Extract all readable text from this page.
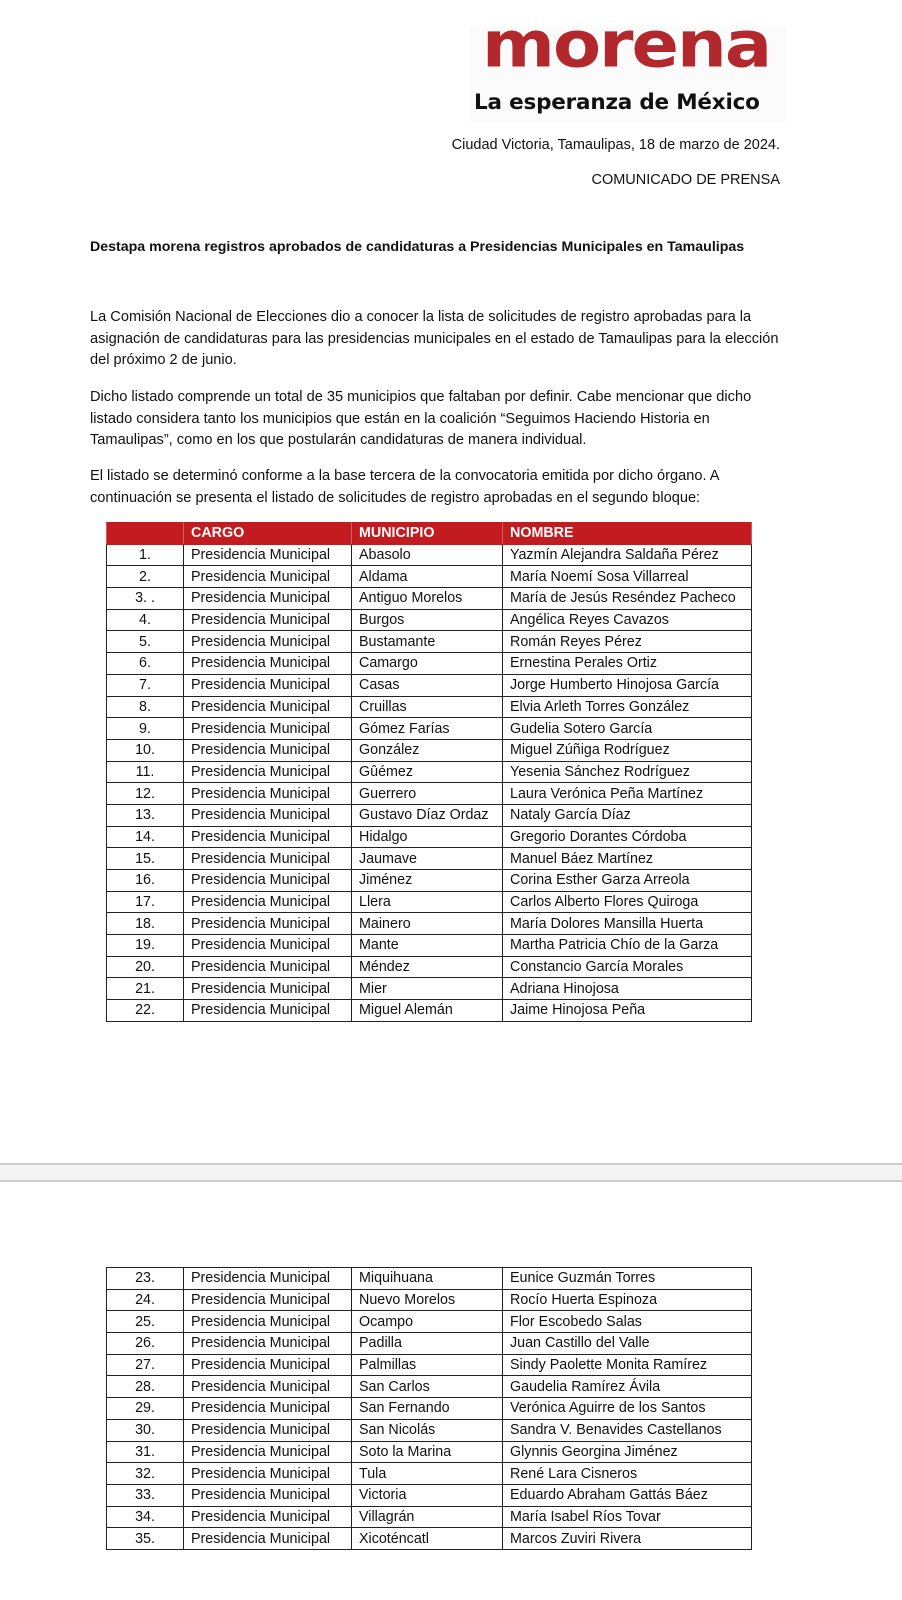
morena
La esperanza de México
Ciudad Victoria, Tamaulipas, 18 de marzo de 2024.
COMUNICADO DE PRENSA
Destapa morena registros aprobados de candidaturas a Presidencias Municipales en Tamaulipas

La Comisión Nacional de Elecciones dio a conocer la lista de solicitudes de registro aprobadas para la asignación de candidaturas para las presidencias municipales en el estado de Tamaulipas para la elección del próximo 2 de junio.

Dicho listado comprende un total de 35 municipios que faltaban por definir. Cabe mencionar que dicho listado considera tanto los municipios que están en la coalición “Seguimos Haciendo Historia en Tamaulipas”, como en los que postularán candidaturas de manera individual.

El listado se determinó conforme a la base tercera de la convocatoria emitida por dicho órgano. A continuación se presenta el listado de solicitudes de registro aprobadas en el segundo bloque:

	CARGO	MUNICIPIO	NOMBRE
1.	Presidencia Municipal	Abasolo	Yazmín Alejandra Saldaña Pérez
2.	Presidencia Municipal	Aldama	María Noemí Sosa Villarreal
3. .	Presidencia Municipal	Antiguo Morelos	María de Jesús Reséndez Pacheco
4.	Presidencia Municipal	Burgos	Angélica Reyes Cavazos
5.	Presidencia Municipal	Bustamante	Román Reyes Pérez
6.	Presidencia Municipal	Camargo	Ernestina Perales Ortiz
7.	Presidencia Municipal	Casas	Jorge Humberto Hinojosa García
8.	Presidencia Municipal	Cruillas	Elvia Arleth Torres González
9.	Presidencia Municipal	Gómez Farías	Gudelia Sotero García
10.	Presidencia Municipal	González	Miguel Zúñiga Rodríguez
11.	Presidencia Municipal	Gûémez	Yesenia Sánchez Rodríguez
12.	Presidencia Municipal	Guerrero	Laura Verónica Peña Martínez
13.	Presidencia Municipal	Gustavo Díaz Ordaz	Nataly García Díaz
14.	Presidencia Municipal	Hidalgo	Gregorio Dorantes Córdoba
15.	Presidencia Municipal	Jaumave	Manuel Báez Martínez
16.	Presidencia Municipal	Jiménez	Corina Esther Garza Arreola
17.	Presidencia Municipal	Llera	Carlos Alberto Flores Quiroga
18.	Presidencia Municipal	Mainero	María Dolores Mansilla Huerta
19.	Presidencia Municipal	Mante	Martha Patricia Chío de la Garza
20.	Presidencia Municipal	Méndez	Constancio García Morales
21.	Presidencia Municipal	Mier	Adriana Hinojosa
22.	Presidencia Municipal	Miguel Alemán	Jaime Hinojosa Peña
23.	Presidencia Municipal	Miquihuana	Eunice Guzmán Torres
24.	Presidencia Municipal	Nuevo Morelos	Rocío Huerta Espinoza
25.	Presidencia Municipal	Ocampo	Flor Escobedo Salas
26.	Presidencia Municipal	Padilla	Juan Castillo del Valle
27.	Presidencia Municipal	Palmillas	Sindy Paolette Monita Ramírez
28.	Presidencia Municipal	San Carlos	Gaudelia Ramírez Ávila
29.	Presidencia Municipal	San Fernando	Verónica Aguirre de los Santos
30.	Presidencia Municipal	San Nicolás	Sandra V. Benavides Castellanos
31.	Presidencia Municipal	Soto la Marina	Glynnis Georgina Jiménez
32.	Presidencia Municipal	Tula	René Lara Cisneros
33.	Presidencia Municipal	Victoria	Eduardo Abraham Gattás Báez
34.	Presidencia Municipal	Villagrán	María Isabel Ríos Tovar
35.	Presidencia Municipal	Xicoténcatl	Marcos Zuviri Rivera
